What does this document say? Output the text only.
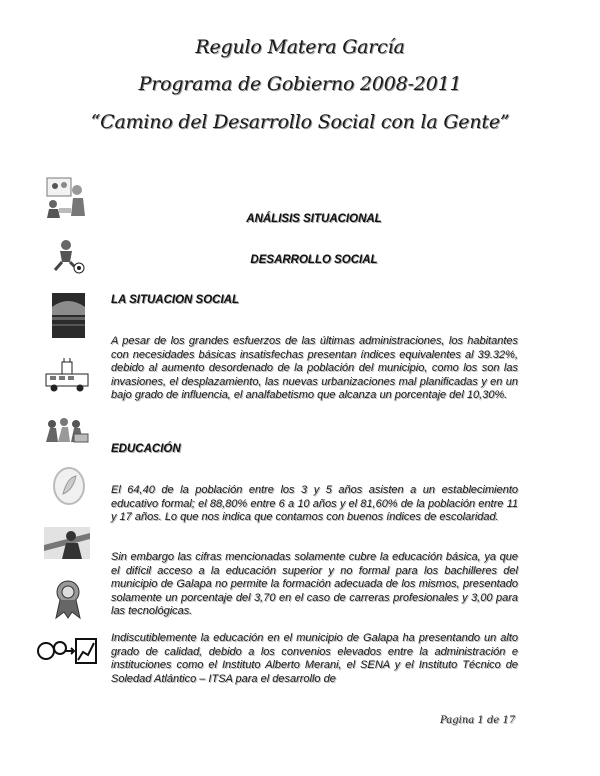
Regulo Matera García
Programa de Gobierno 2008-2011
“Camino del Desarrollo Social con la Gente”
ANÁLISIS SITUACIONAL
DESARROLLO SOCIAL
LA SITUACION SOCIAL
A pesar de los grandes esfuerzos de las últimas administraciones, los habitantes con necesidades básicas insatisfechas presentan índices equivalentes al 39.32%, debido al aumento desordenado de la población del municipio, como los son las invasiones, el desplazamiento, las nuevas urbanizaciones mal planificadas y en un bajo grado de influencia, el analfabetismo que alcanza un porcentaje del 10,30%.
EDUCACIÓN
El 64,40 de la población entre los 3 y 5 años asisten a un establecimiento educativo formal; el 88,80% entre 6 a 10 años y el 81,60% de la población entre 11 y 17 años. Lo que nos indica que contamos con buenos índices de escolaridad.
Sin embargo las cifras mencionadas solamente cubre la educación básica, ya que el difícil acceso a la educación superior y no formal para los bachilleres del municipio de Galapa no permite la formación adecuada de los mismos, presentado solamente un porcentaje del 3,70 en el caso de carreras profesionales y 3,00 para las tecnológicas.
Indiscutiblemente la educación en el municipio de Galapa ha presentando un alto grado de calidad, debido a los convenios elevados entre la administración e instituciones como el Instituto Alberto Merani, el SENA y el Instituto Técnico de Soledad Atlántico – ITSA para el desarrollo de
Pagina 1 de 17
